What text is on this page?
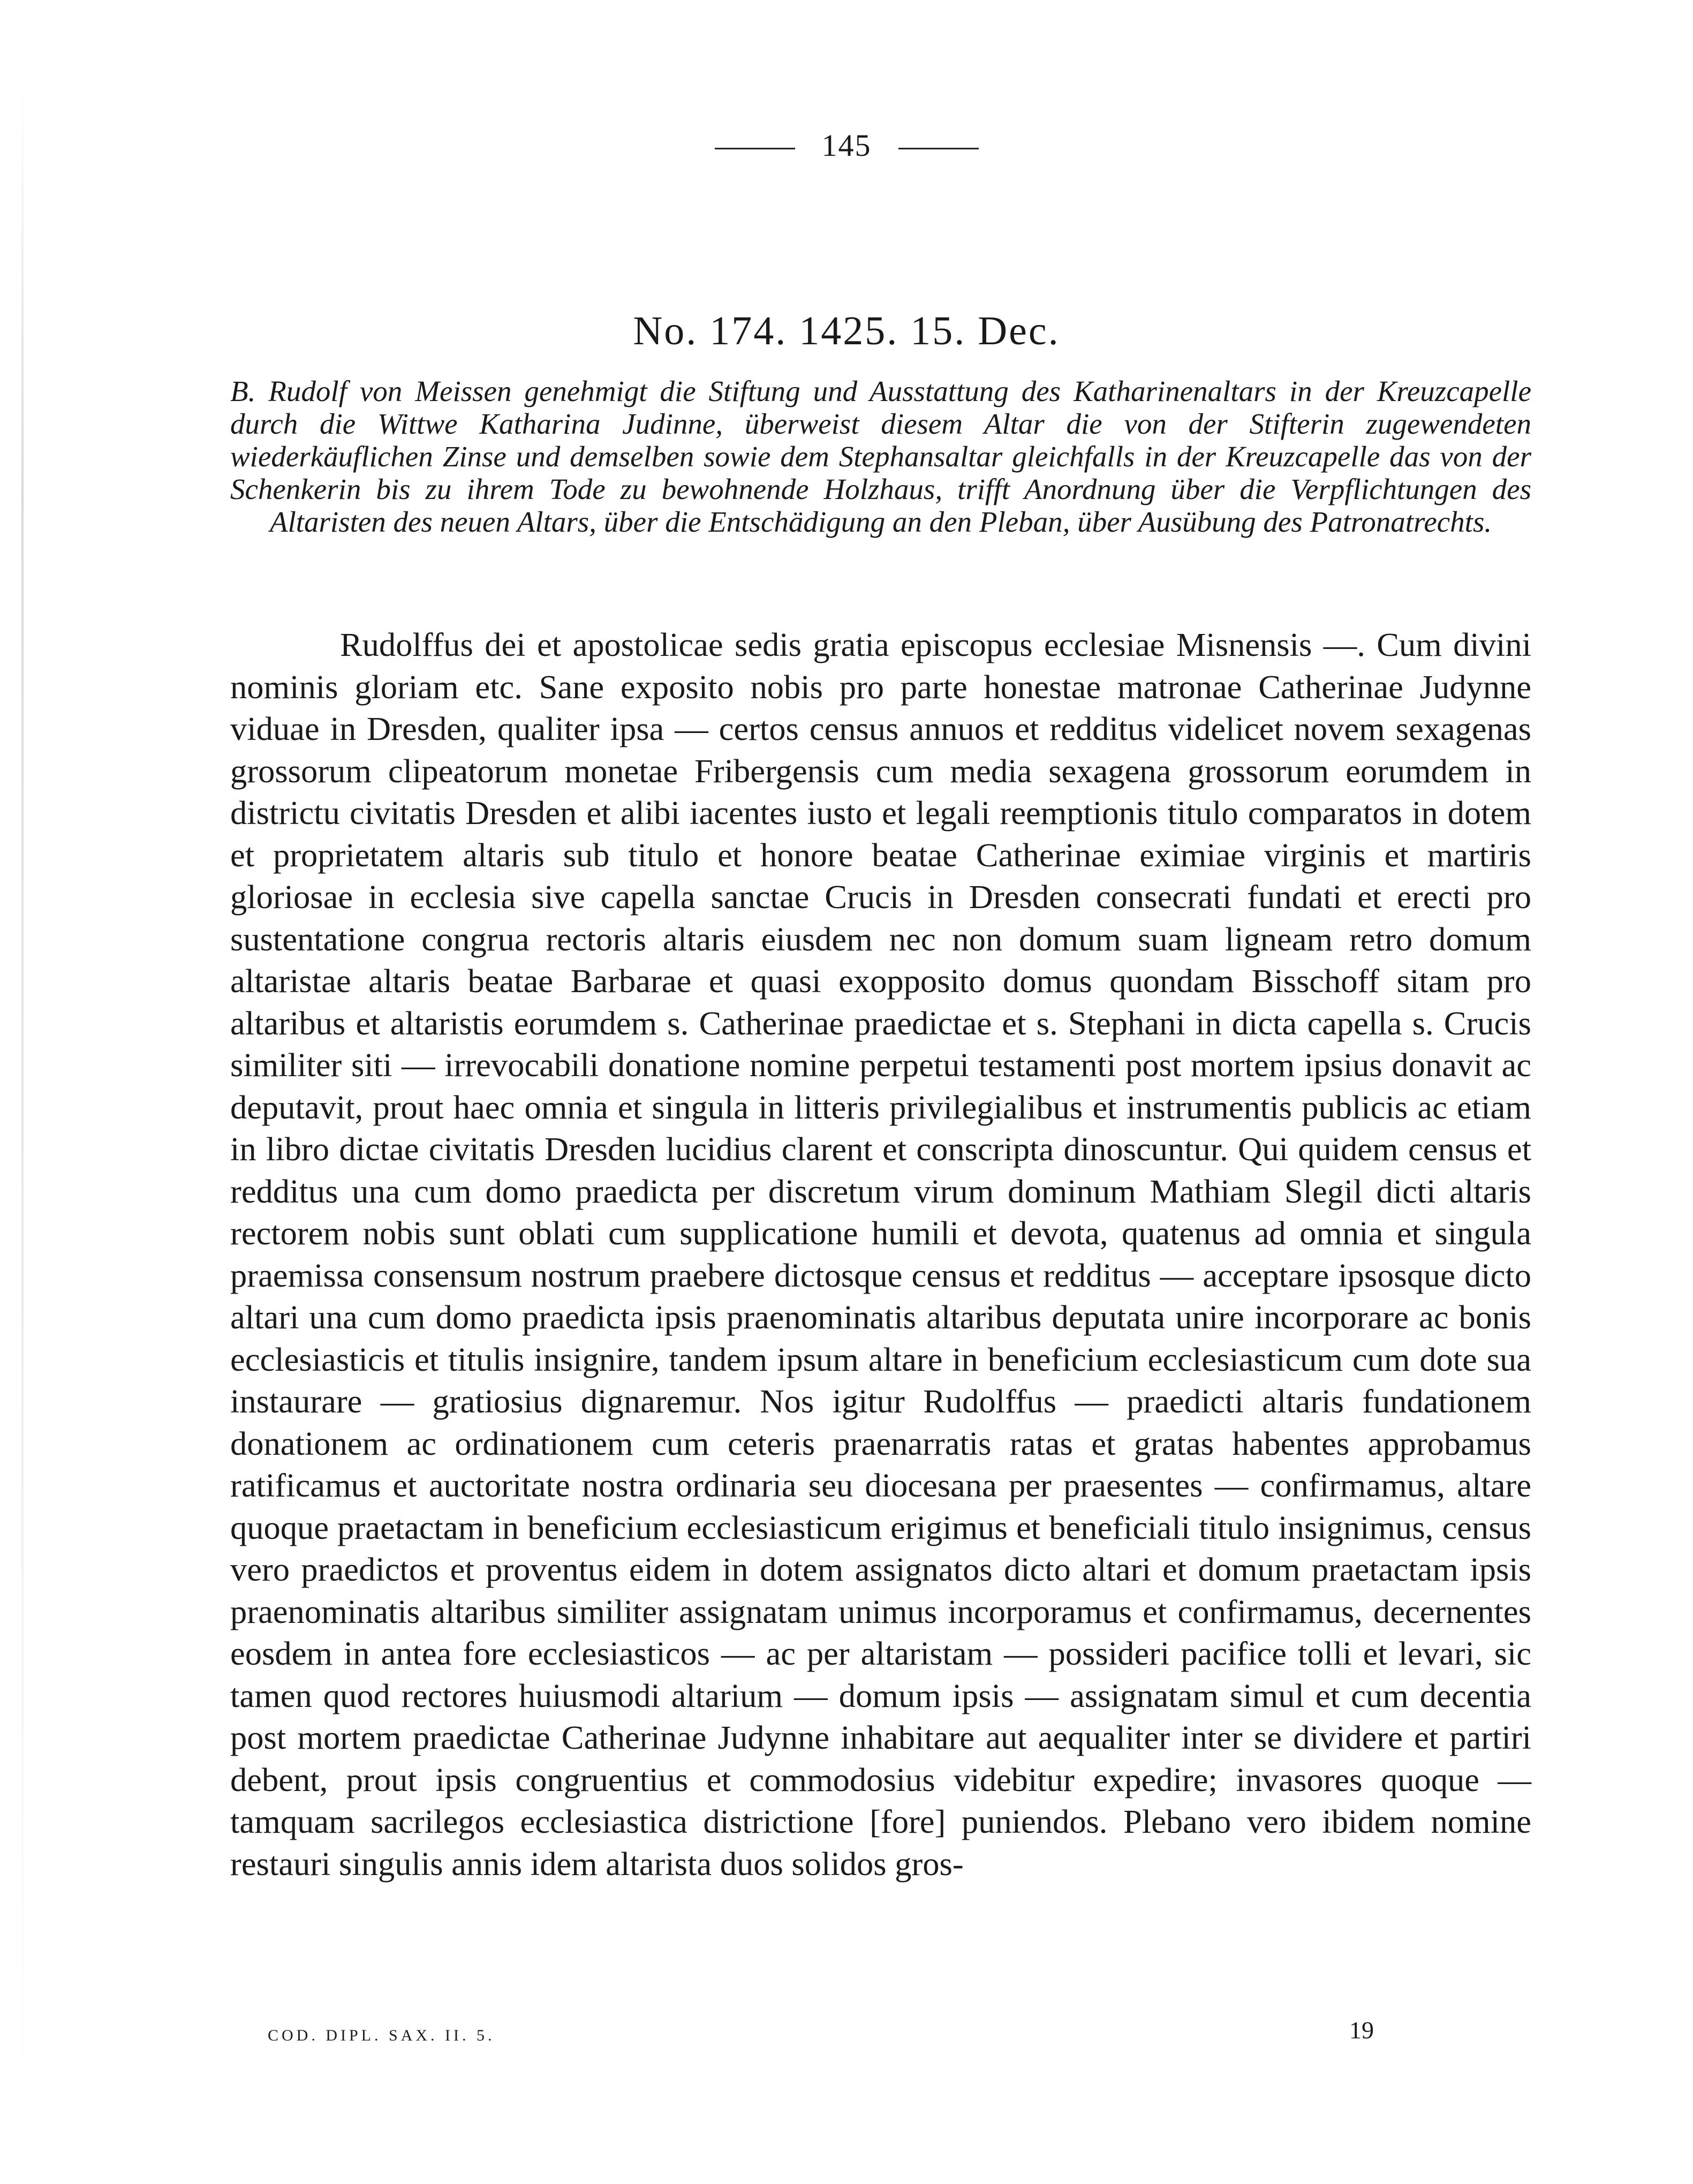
145
No. 174. 1425. 15. Dec.
B. Rudolf von Meissen genehmigt die Stiftung und Ausstattung des Katharinenaltars in der Kreuzcapelle durch die Wittwe Katharina Judinne, überweist diesem Altar die von der Stifterin zugewendeten wiederkäuflichen Zinse und demselben sowie dem Stephansaltar gleichfalls in der Kreuzcapelle das von der Schenkerin bis zu ihrem Tode zu bewohnende Holzhaus, trifft Anordnung über die Verpflichtungen des Altaristen des neuen Altars, über die Entschädigung an den Pleban, über Ausübung des Patronatrechts.
Rudolffus dei et apostolicae sedis gratia episcopus ecclesiae Misnensis —. Cum divini nominis gloriam etc. Sane exposito nobis pro parte honestae matronae Catherinae Judynne viduae in Dresden, qualiter ipsa — certos census annuos et redditus videlicet novem sexagenas grossorum clipeatorum monetae Fribergensis cum media sexagena grossorum eorumdem in districtu civitatis Dresden et alibi iacentes iusto et legali reemptionis titulo comparatos in dotem et proprietatem altaris sub titulo et honore beatae Catherinae eximiae virginis et martiris gloriosae in ecclesia sive capella sanctae Crucis in Dresden consecrati fundati et erecti pro sustentatione congrua rectoris altaris eiusdem nec non domum suam ligneam retro domum altaristae altaris beatae Barbarae et quasi exopposito domus quondam Bisschoff sitam pro altaribus et altaristis eorumdem s. Catherinae praedictae et s. Stephani in dicta capella s. Crucis similiter siti — irrevocabili donatione nomine perpetui testamenti post mortem ipsius donavit ac deputavit, prout haec omnia et singula in litteris privilegialibus et instrumentis publicis ac etiam in libro dictae civitatis Dresden lucidius clarent et conscripta dinoscuntur. Qui quidem census et redditus una cum domo praedicta per discretum virum dominum Mathiam Slegil dicti altaris rectorem nobis sunt oblati cum supplicatione humili et devota, quatenus ad omnia et singula praemissa consensum nostrum praebere dictosque census et redditus — acceptare ipsosque dicto altari una cum domo praedicta ipsis praenominatis altaribus deputata unire incorporare ac bonis ecclesiasticis et titulis insignire, tandem ipsum altare in beneficium ecclesiasticum cum dote sua instaurare — gratiosius dignaremur. Nos igitur Rudolffus — praedicti altaris fundationem donationem ac ordinationem cum ceteris praenarratis ratas et gratas habentes approbamus ratificamus et auctoritate nostra ordinaria seu diocesana per praesentes — confirmamus, altare quoque praetactam in beneficium ecclesiasticum erigimus et beneficiali titulo insignimus, census vero praedictos et proventus eidem in dotem assignatos dicto altari et domum praetactam ipsis praenominatis altaribus similiter assignatam unimus incorporamus et confirmamus, decernentes eosdem in antea fore ecclesiasticos — ac per altaristam — possideri pacifice tolli et levari, sic tamen quod rectores huiusmodi altarium — domum ipsis — assignatam simul et cum decentia post mortem praedictae Catherinae Judynne inhabitare aut aequaliter inter se dividere et partiri debent, prout ipsis congruentius et commodosius videbitur expedire; invasores quoque — tamquam sacrilegos ecclesiastica districtione [fore] puniendos. Plebano vero ibidem nomine restauri singulis annis idem altarista duos solidos gros-
COD. DIPL. SAX. II. 5.	19
